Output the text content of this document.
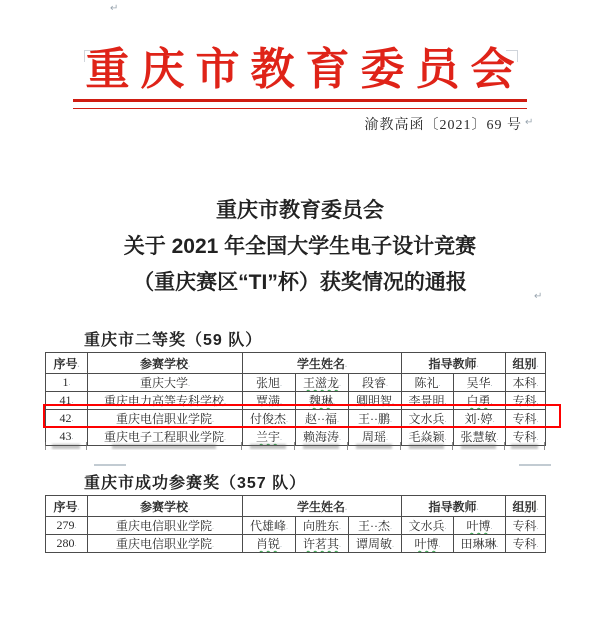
↵
重庆市教育委员会
↵
渝教高函〔2021〕69 号
重庆市教育委员会
关于 2021 年全国大学生电子设计竞赛
（重庆赛区“TI”杯）获奖情况的通报
↵
重庆市二等奖（59 队）
序号 .	参赛学校 .	学生姓名 .			指导教师 .		组别 .
1 .	重庆大学 .	张旭 .	王滋龙 .	段睿 .	陈礼 .	吴华 .	本科 .
41 .	重庆电力高等专科学校 .	覃满 .	魏琳 .	卿明智 .	李景明 .	白勇 .	专科 .
42 .	重庆电信职业学院 .	付俊杰 .	赵··福 .	王··鹏 .	文水兵 .	刘·婷 .	专科 .
43 .	重庆电子工程职业学院 .	兰宇 .	赖海涛 .	周瑶 .	毛焱颖 .	张慧敏 .	专科 .
重庆市成功参赛奖（357 队）
序号 .	参赛学校 .	学生姓名 .			指导教师 .		组别 .
279 .	重庆电信职业学院 .	代雄峰 .	向胜东 .	王··杰 .	文水兵 .	叶博 .	专科 .
280 .	重庆电信职业学院 .	肖锐 .	许茗其 .	谭周敏 .	叶博 .	田琳琳 .	专科 .
